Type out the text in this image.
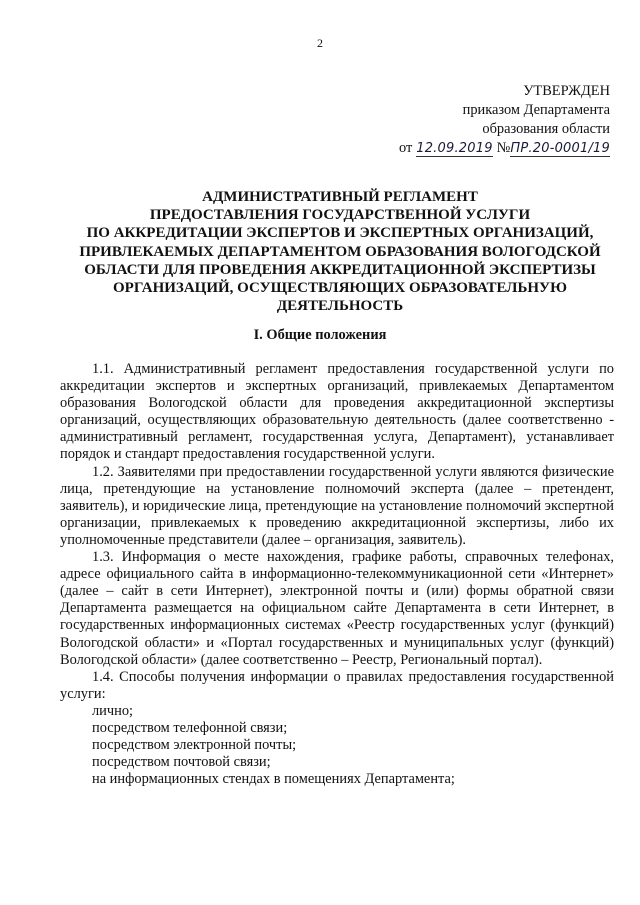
2
УТВЕРЖДЕН
приказом Департамента
образования области
от 12.09.2019 №ПР.20-0001/19
АДМИНИСТРАТИВНЫЙ РЕГЛАМЕНТ
ПРЕДОСТАВЛЕНИЯ ГОСУДАРСТВЕННОЙ УСЛУГИ
ПО АККРЕДИТАЦИИ ЭКСПЕРТОВ И ЭКСПЕРТНЫХ ОРГАНИЗАЦИЙ,
ПРИВЛЕКАЕМЫХ ДЕПАРТАМЕНТОМ ОБРАЗОВАНИЯ ВОЛОГОДСКОЙ
ОБЛАСТИ ДЛЯ ПРОВЕДЕНИЯ АККРЕДИТАЦИОННОЙ ЭКСПЕРТИЗЫ
ОРГАНИЗАЦИЙ, ОСУЩЕСТВЛЯЮЩИХ ОБРАЗОВАТЕЛЬНУЮ
ДЕЯТЕЛЬНОСТЬ
I. Общие положения

1.1. Административный регламент предоставления государственной услуги по аккредитации экспертов и экспертных организаций, привлекаемых Департаментом образования Вологодской области для проведения аккредитационной экспертизы организаций, осуществляющих образовательную деятельность (далее соответственно - административный регламент, государственная услуга, Департамент), устанавливает порядок и стандарт предоставления государственной услуги.

1.2. Заявителями при предоставлении государственной услуги являются физические лица, претендующие на установление полномочий эксперта (далее – претендент, заявитель), и юридические лица, претендующие на установление полномочий экспертной организации, привлекаемых к проведению аккредитационной экспертизы, либо их уполномоченные представители (далее – организация, заявитель).

1.3. Информация о месте нахождения, графике работы, справочных телефонах, адресе официального сайта в информационно-телекоммуникационной сети «Интернет» (далее – сайт в сети Интернет), электронной почты и (или) формы обратной связи Департамента размещается на официальном сайте Департамента в сети Интернет, в государственных информационных системах «Реестр государственных услуг (функций) Вологодской области» и «Портал государственных и муниципальных услуг (функций) Вологодской области» (далее соответственно – Реестр, Региональный портал).

1.4. Способы получения информации о правилах предоставления государственной услуги:

лично;
посредством телефонной связи;
посредством электронной почты;
посредством почтовой связи;
на информационных стендах в помещениях Департамента;
